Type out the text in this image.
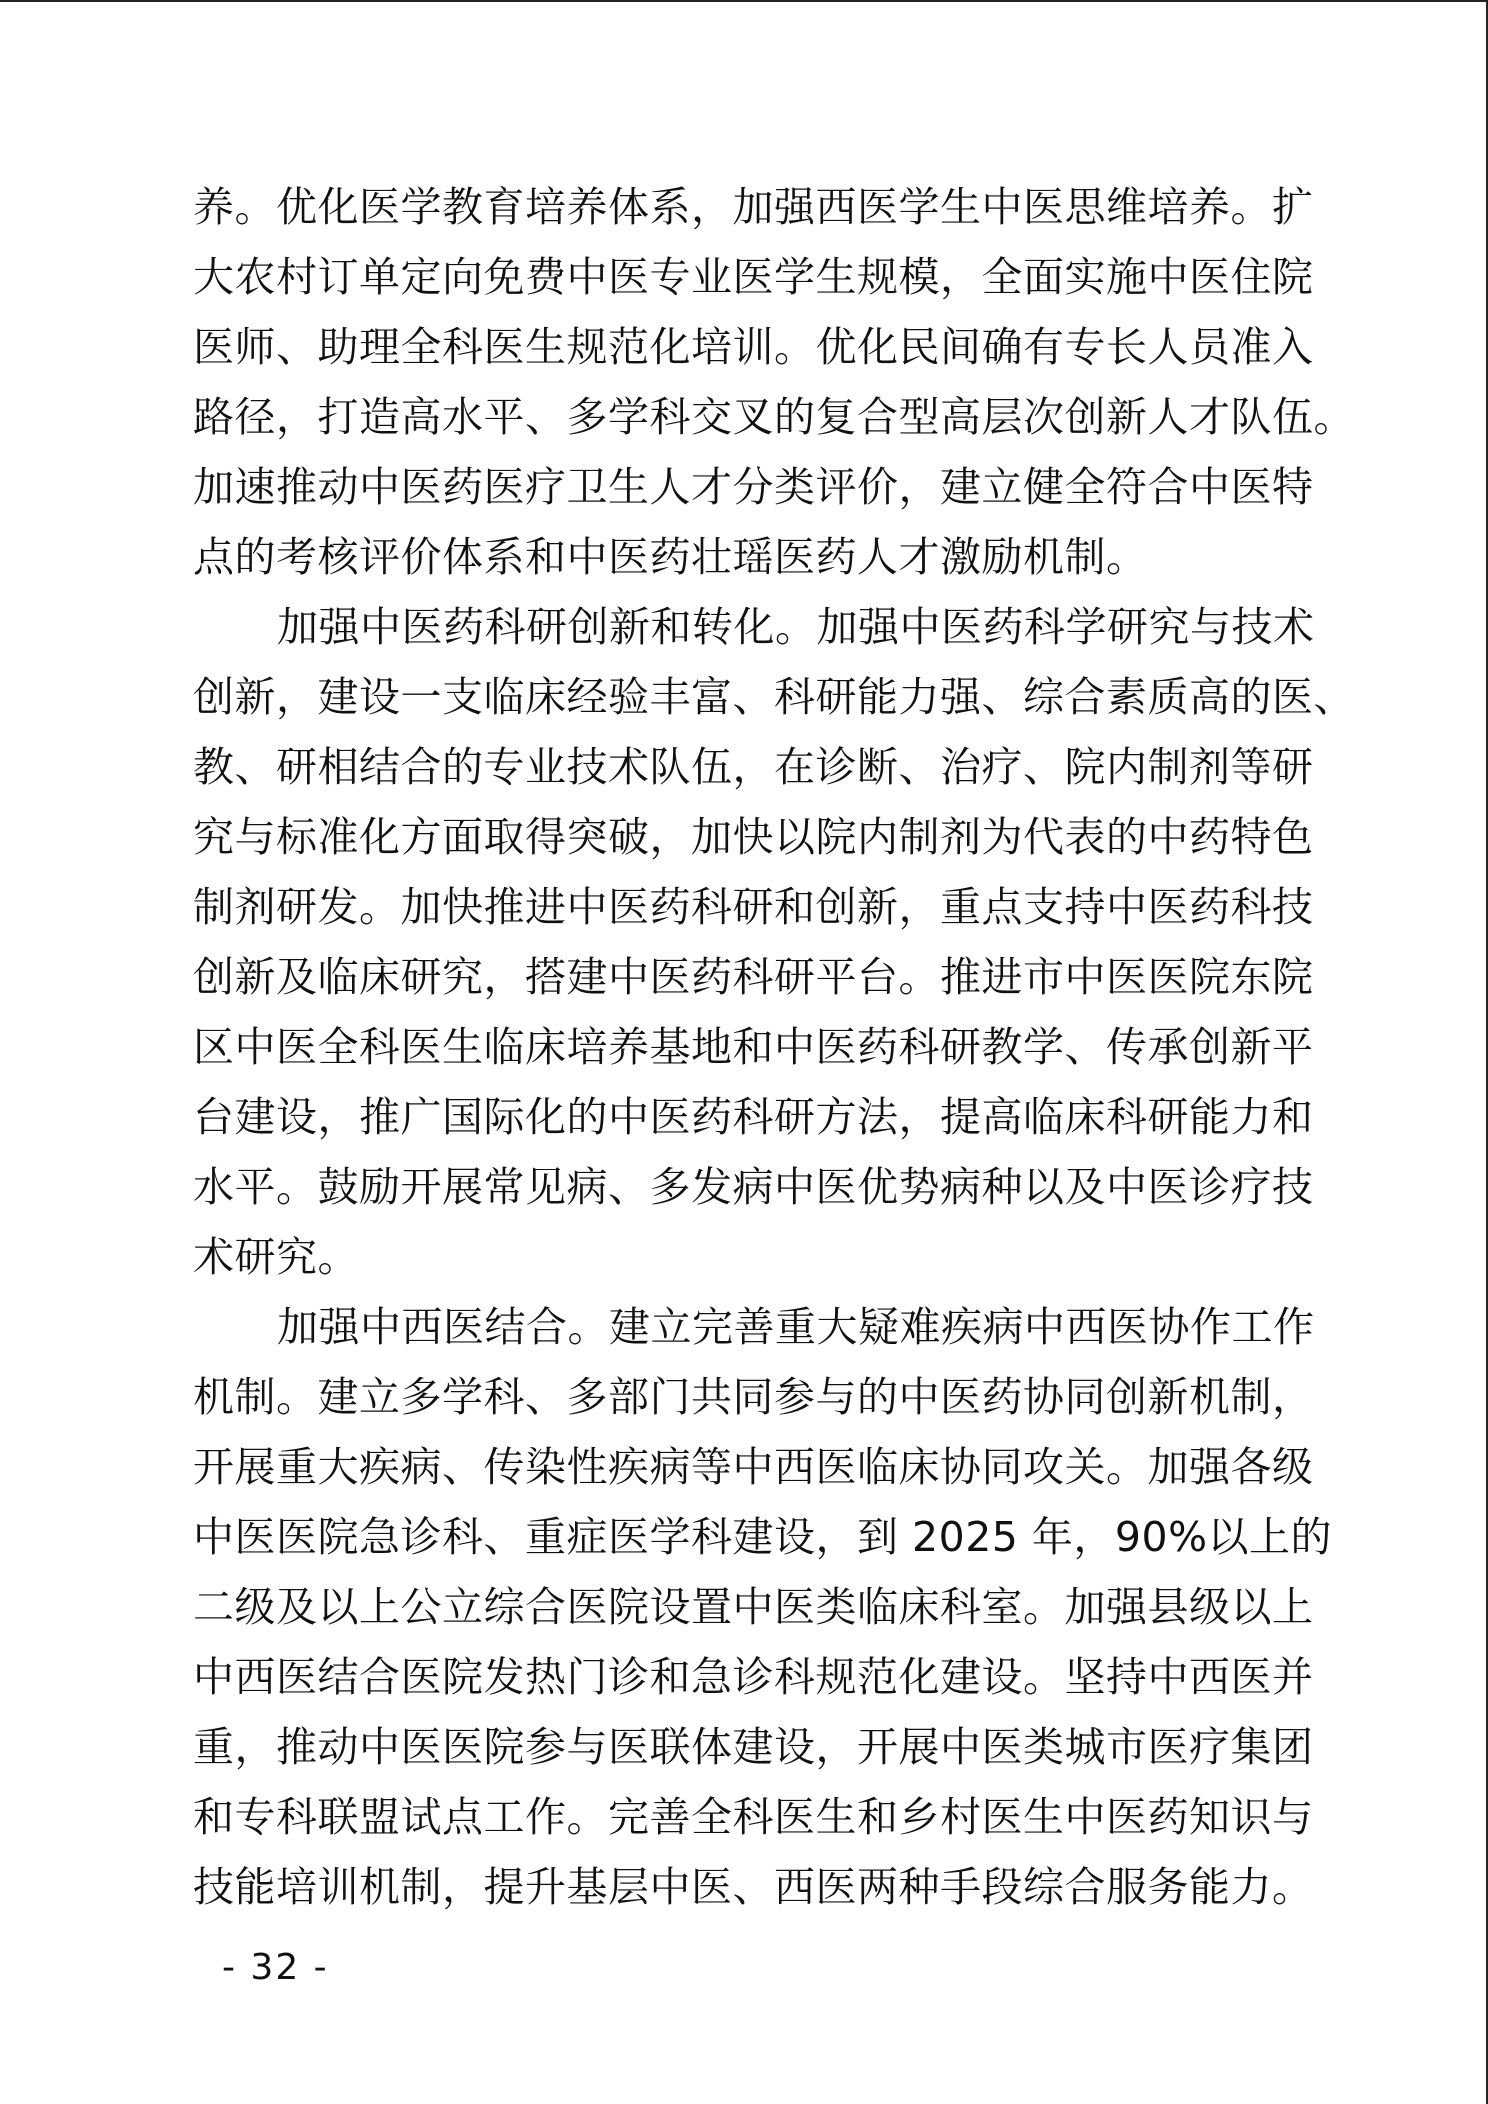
养。优化医学教育培养体系，加强西医学生中医思维培养。扩
大农村订单定向免费中医专业医学生规模，全面实施中医住院
医师、助理全科医生规范化培训。优化民间确有专长人员准入
路径，打造高水平、多学科交叉的复合型高层次创新人才队伍。
加速推动中医药医疗卫生人才分类评价，建立健全符合中医特
点的考核评价体系和中医药壮瑶医药人才激励机制。
加强中医药科研创新和转化。加强中医药科学研究与技术
创新，建设一支临床经验丰富、科研能力强、综合素质高的医、
教、研相结合的专业技术队伍，在诊断、治疗、院内制剂等研
究与标准化方面取得突破，加快以院内制剂为代表的中药特色
制剂研发。加快推进中医药科研和创新，重点支持中医药科技
创新及临床研究，搭建中医药科研平台。推进市中医医院东院
区中医全科医生临床培养基地和中医药科研教学、传承创新平
台建设，推广国际化的中医药科研方法，提高临床科研能力和
水平。鼓励开展常见病、多发病中医优势病种以及中医诊疗技
术研究。
加强中西医结合。建立完善重大疑难疾病中西医协作工作
机制。建立多学科、多部门共同参与的中医药协同创新机制，
开展重大疾病、传染性疾病等中西医临床协同攻关。加强各级
中医医院急诊科、重症医学科建设，到 2025 年，90%以上的
二级及以上公立综合医院设置中医类临床科室。加强县级以上
中西医结合医院发热门诊和急诊科规范化建设。坚持中西医并
重，推动中医医院参与医联体建设，开展中医类城市医疗集团
和专科联盟试点工作。完善全科医生和乡村医生中医药知识与
技能培训机制，提升基层中医、西医两种手段综合服务能力。
- 32 -
